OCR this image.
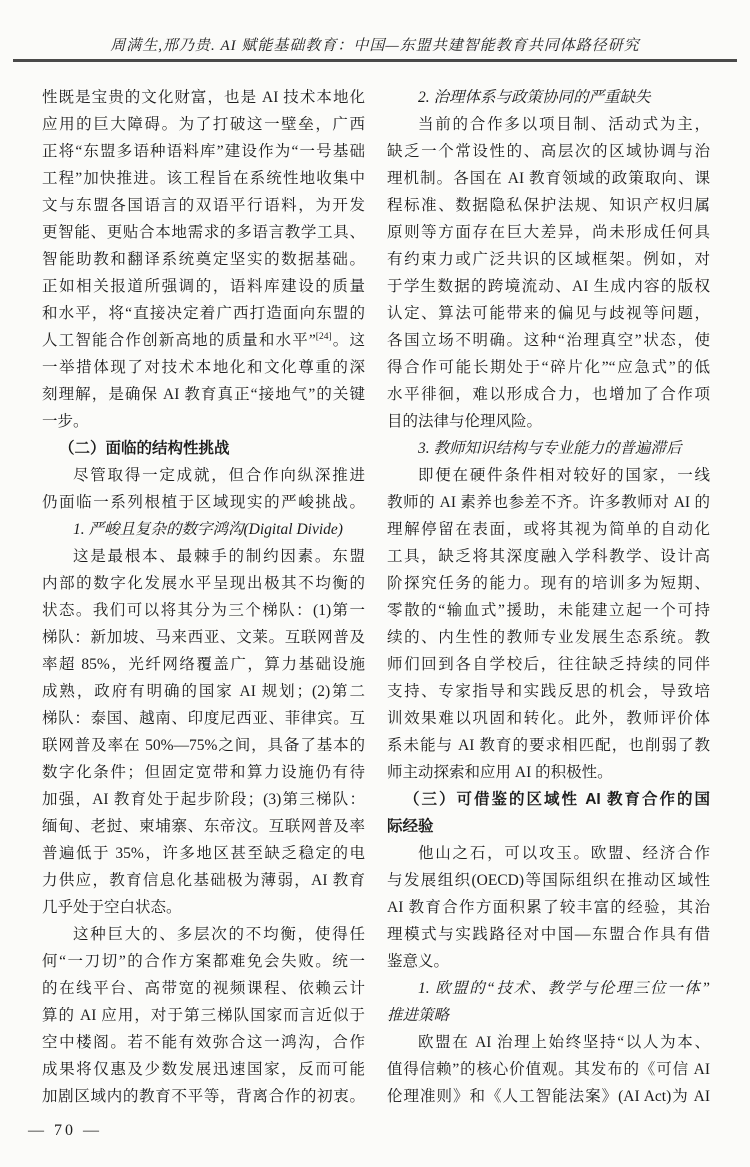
周满生,邢乃贵. AI 赋能基础教育：中国—东盟共建智能教育共同体路径研究
性既是宝贵的文化财富，也是 AI 技术本地化
应用的巨大障碍。为了打破这一壁垒，广西
正将“东盟多语种语料库”建设作为“一号基础
工程”加快推进。该工程旨在系统性地收集中
文与东盟各国语言的双语平行语料，为开发
更智能、更贴合本地需求的多语言教学工具、
智能助教和翻译系统奠定坚实的数据基础。
正如相关报道所强调的，语料库建设的质量
和水平，将“直接决定着广西打造面向东盟的
人工智能合作创新高地的质量和水平”[24]。这
一举措体现了对技术本地化和文化尊重的深
刻理解，是确保 AI 教育真正“接地气”的关键
一步。
（二）面临的结构性挑战
尽管取得一定成就，但合作向纵深推进
仍面临一系列根植于区域现实的严峻挑战。
1. 严峻且复杂的数字鸿沟(Digital Divide)
这是最根本、最棘手的制约因素。东盟
内部的数字化发展水平呈现出极其不均衡的
状态。我们可以将其分为三个梯队：(1)第一
梯队：新加坡、马来西亚、文莱。互联网普及
率超 85%，光纤网络覆盖广，算力基础设施
成熟，政府有明确的国家 AI 规划；(2)第二
梯队：泰国、越南、印度尼西亚、菲律宾。互
联网普及率在 50%—75%之间，具备了基本的
数字化条件；但固定宽带和算力设施仍有待
加强，AI 教育处于起步阶段；(3)第三梯队：
缅甸、老挝、柬埔寨、东帝汶。互联网普及率
普遍低于 35%，许多地区甚至缺乏稳定的电
力供应，教育信息化基础极为薄弱，AI 教育
几乎处于空白状态。
这种巨大的、多层次的不均衡，使得任
何“一刀切”的合作方案都难免会失败。统一
的在线平台、高带宽的视频课程、依赖云计
算的 AI 应用，对于第三梯队国家而言近似于
空中楼阁。若不能有效弥合这一鸿沟，合作
成果将仅惠及少数发展迅速国家，反而可能
加剧区域内的教育不平等，背离合作的初衷。
2. 治理体系与政策协同的严重缺失
当前的合作多以项目制、活动式为主，
缺乏一个常设性的、高层次的区域协调与治
理机制。各国在 AI 教育领域的政策取向、课
程标准、数据隐私保护法规、知识产权归属
原则等方面存在巨大差异，尚未形成任何具
有约束力或广泛共识的区域框架。例如，对
于学生数据的跨境流动、AI 生成内容的版权
认定、算法可能带来的偏见与歧视等问题，
各国立场不明确。这种“治理真空”状态，使
得合作可能长期处于“碎片化”“应急式”的低
水平徘徊，难以形成合力，也增加了合作项
目的法律与伦理风险。
3. 教师知识结构与专业能力的普遍滞后
即便在硬件条件相对较好的国家，一线
教师的 AI 素养也参差不齐。许多教师对 AI 的
理解停留在表面，或将其视为简单的自动化
工具，缺乏将其深度融入学科教学、设计高
阶探究任务的能力。现有的培训多为短期、
零散的“输血式”援助，未能建立起一个可持
续的、内生性的教师专业发展生态系统。教
师们回到各自学校后，往往缺乏持续的同伴
支持、专家指导和实践反思的机会，导致培
训效果难以巩固和转化。此外，教师评价体
系未能与 AI 教育的要求相匹配，也削弱了教
师主动探索和应用 AI 的积极性。
（三）可借鉴的区域性 AI 教育合作的国
际经验
他山之石，可以攻玉。欧盟、经济合作
与发展组织(OECD)等国际组织在推动区域性
AI 教育合作方面积累了较丰富的经验，其治
理模式与实践路径对中国—东盟合作具有借
鉴意义。
1. 欧盟的“技术、教学与伦理三位一体”
推进策略
欧盟在 AI 治理上始终坚持“以人为本、
值得信赖”的核心价值观。其发布的《可信 AI
伦理准则》和《人工智能法案》(AI Act)为 AI
— 70 —
